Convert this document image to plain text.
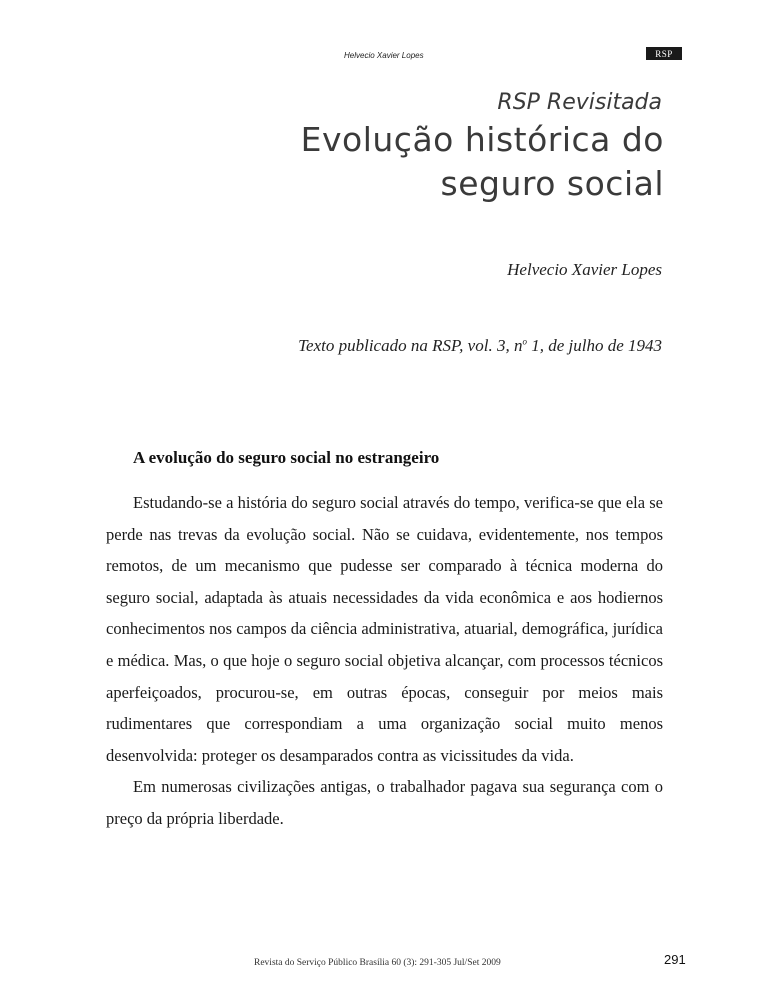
Helvecio Xavier Lopes	RSP
RSP Revisitada
Evolução histórica do
seguro social
Helvecio Xavier Lopes
Texto publicado na RSP, vol. 3, $n^o$ 1, de julho de 1943
A evolução do seguro social no estrangeiro

Estudando-se a história do seguro social através do tempo, verifica-se que ela se perde nas trevas da evolução social. Não se cuidava, evidentemente, nos tempos remotos, de um mecanismo que pudesse ser comparado à técnica moderna do seguro social, adaptada às atuais necessidades da vida econômica e aos hodiernos conhecimentos nos campos da ciência administrativa, atuarial, demográfica, jurídica e médica. Mas, o que hoje o seguro social objetiva alcançar, com processos técnicos aperfeiçoados, procurou-se, em outras épocas, conseguir por meios mais rudimentares que correspondiam a uma organização social muito menos desenvolvida: proteger os desamparados contra as vicissitudes da vida.

Em numerosas civilizações antigas, o trabalhador pagava sua segurança com o preço da própria liberdade.

Revista do Serviço Público Brasília 60 (3): 291-305 Jul/Set 2009	291
